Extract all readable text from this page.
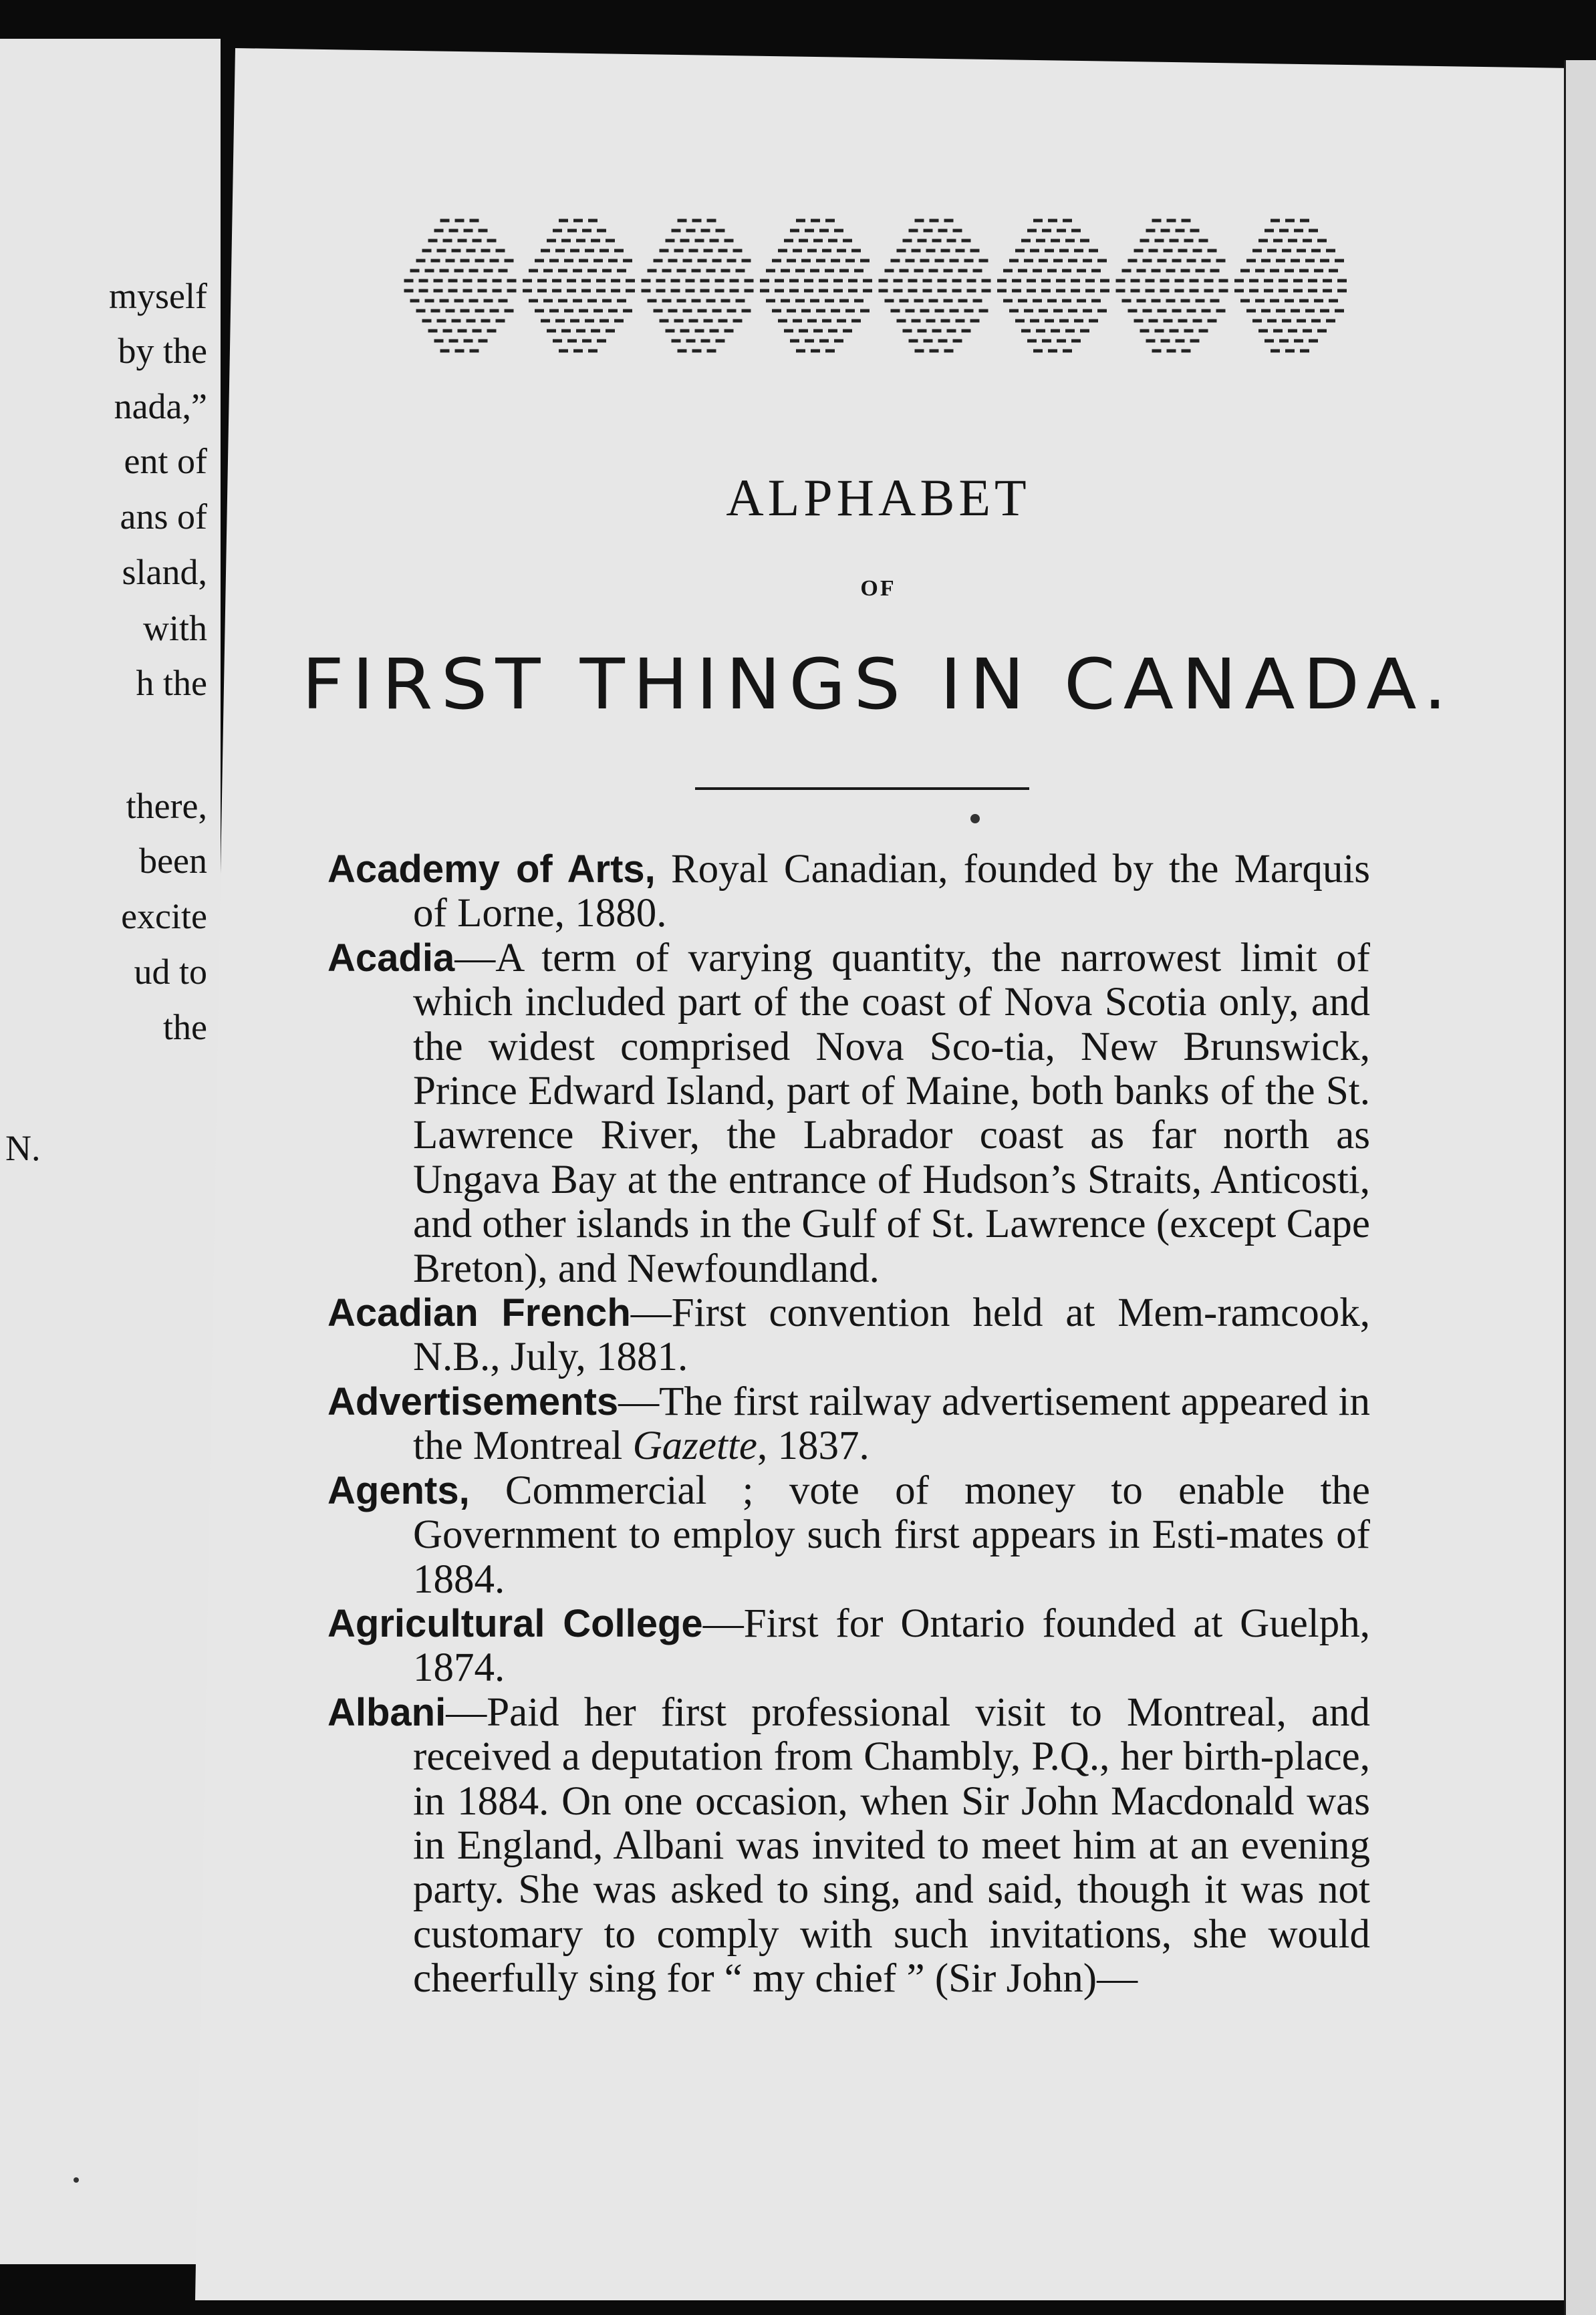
myself
by the
nada,”
ent of
ans of
sland,
with
h the
there,
been
excite
ud to
the
N.
ALPHABET
OF
FIRST THINGS IN CANADA.
Academy of Arts, Royal Canadian, founded by the Marquis of Lorne, 1880.
Acadia—A term of varying quantity, the narrowest limit of which included part of the coast of Nova Scotia only, and the widest comprised Nova Sco-tia, New Brunswick, Prince Edward Island, part of Maine, both banks of the St. Lawrence River, the Labrador coast as far north as Ungava Bay at the entrance of Hudson’s Straits, Anticosti, and other islands in the Gulf of St. Lawrence (except Cape Breton), and Newfoundland.
Acadian French—First convention held at Mem-ramcook, N.B., July, 1881.
Advertisements—The first railway advertisement appeared in the Montreal Gazette, 1837.
Agents, Commercial ; vote of money to enable the Government to employ such first appears in Esti-mates of 1884.
Agricultural College—First for Ontario founded at Guelph, 1874.
Albani—Paid her first professional visit to Montreal, and received a deputation from Chambly, P.Q., her birth-place, in 1884. On one occasion, when Sir John Macdonald was in England, Albani was invited to meet him at an evening party. She was asked to sing, and said, though it was not customary to comply with such invitations, she would cheerfully sing for “ my chief ” (Sir John)—
